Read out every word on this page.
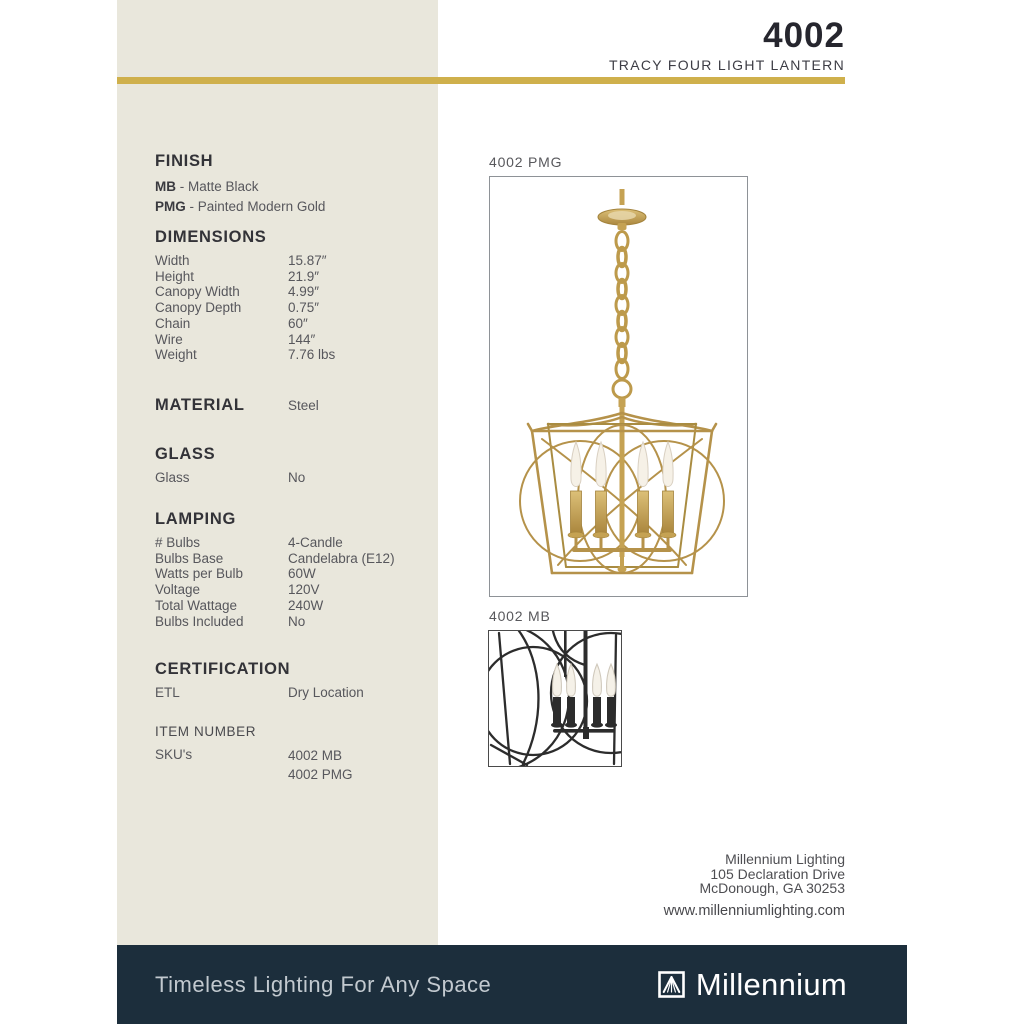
4002
TRACY FOUR LIGHT LANTERN
FINISH
MB - Matte Black
PMG - Painted Modern Gold
DIMENSIONS
Width	15.87″
Height	21.9″
Canopy Width	4.99″
Canopy Depth	0.75″
Chain	60″
Wire	144″
Weight	7.76 lbs
MATERIAL	Steel
GLASS
Glass	No
LAMPING
# Bulbs	4-Candle
Bulbs Base	Candelabra (E12)
Watts per Bulb	60W
Voltage	120V
Total Wattage	240W
Bulbs Included	No
CERTIFICATION
ETL	Dry Location
ITEM NUMBER
SKU's	4002 MB
4002 PMG
4002 PMG
4002 MB
Millennium Lighting
105 Declaration Drive
McDonough, GA 30253
www.millenniumlighting.com
Timeless Lighting For Any Space	Millennium
